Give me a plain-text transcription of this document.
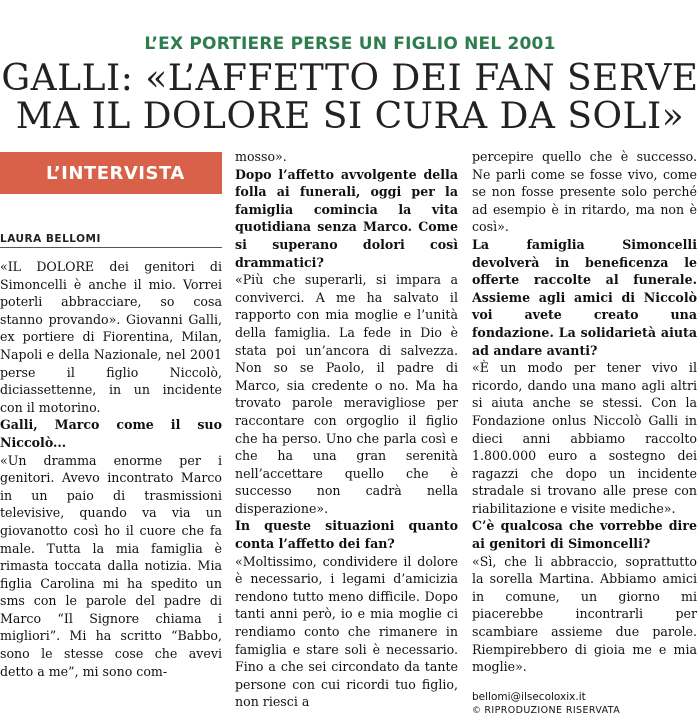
L’EX PORTIERE PERSE UN FIGLIO NEL 2001
GALLI: «L’AFFETTO DEI FAN SERVE
MA IL DOLORE SI CURA DA SOLI»
L’INTERVISTA
LAURA BELLOMI

«IL DOLORE dei genitori di Simoncelli è anche il mio. Vorrei poterli abbracciare, so cosa stanno provando». Giovanni Galli, ex portiere di Fiorentina, Milan, Napoli e della Nazionale, nel 2001 perse il figlio Niccolò, diciassettenne, in un incidente con il motorino.

Galli, Marco come il suo Niccolò...

«Un dramma enorme per i genitori. Avevo incontrato Marco in un paio di trasmissioni televisive, quando va via un giovanotto così ho il cuore che fa male. Tutta la mia famiglia è rimasta toccata dalla notizia. Mia figlia Carolina mi ha spedito un sms con le parole del padre di Marco “Il Signore chiama i migliori”. Mi ha scritto “Babbo, sono le stesse cose che avevi detto a me”, mi sono com-

mosso».

Dopo l’affetto avvolgente della folla ai funerali, oggi per la famiglia comincia la vita quotidiana senza Marco. Come si superano dolori così drammatici?

«Più che superarli, si impara a conviverci. A me ha salvato il rapporto con mia moglie e l’unità della famiglia. La fede in Dio è stata poi un’ancora di salvezza. Non so se Paolo, il padre di Marco, sia credente o no. Ma ha trovato parole meravigliose per raccontare con orgoglio il figlio che ha perso. Uno che parla così e che ha una gran serenità nell’accettare quello che è successo non cadrà nella disperazione».

In queste situazioni quanto conta l’affetto dei fan?

«Moltissimo, condividere il dolore è necessario, i legami d’amicizia rendono tutto meno difficile. Dopo tanti anni però, io e mia moglie ci rendiamo conto che rimanere in famiglia e stare soli è necessario. Fino a che sei circondato da tante persone con cui ricordi tuo figlio, non riesci a

percepire quello che è successo. Ne parli come se fosse vivo, come se non fosse presente solo perché ad esempio è in ritardo, ma non è così».

La famiglia Simoncelli devolverà in beneficenza le offerte raccolte al funerale. Assieme agli amici di Niccolò voi avete creato una fondazione. La solidarietà aiuta ad andare avanti?

«È un modo per tener vivo il ricordo, dando una mano agli altri si aiuta anche se stessi. Con la Fondazione onlus Niccolò Galli in dieci anni abbiamo raccolto 1.800.000 euro a sostegno dei ragazzi che dopo un incidente stradale si trovano alle prese con riabilitazione e visite mediche».

C’è qualcosa che vorrebbe dire ai genitori di Simoncelli?

«Sì, che li abbraccio, soprattutto la sorella Martina. Abbiamo amici in comune, un giorno mi piacerebbe incontrarli per scambiare assieme due parole. Riempirebbero di gioia me e mia moglie».

bellomi@ilsecoloxix.it
© RIPRODUZIONE RISERVATA
